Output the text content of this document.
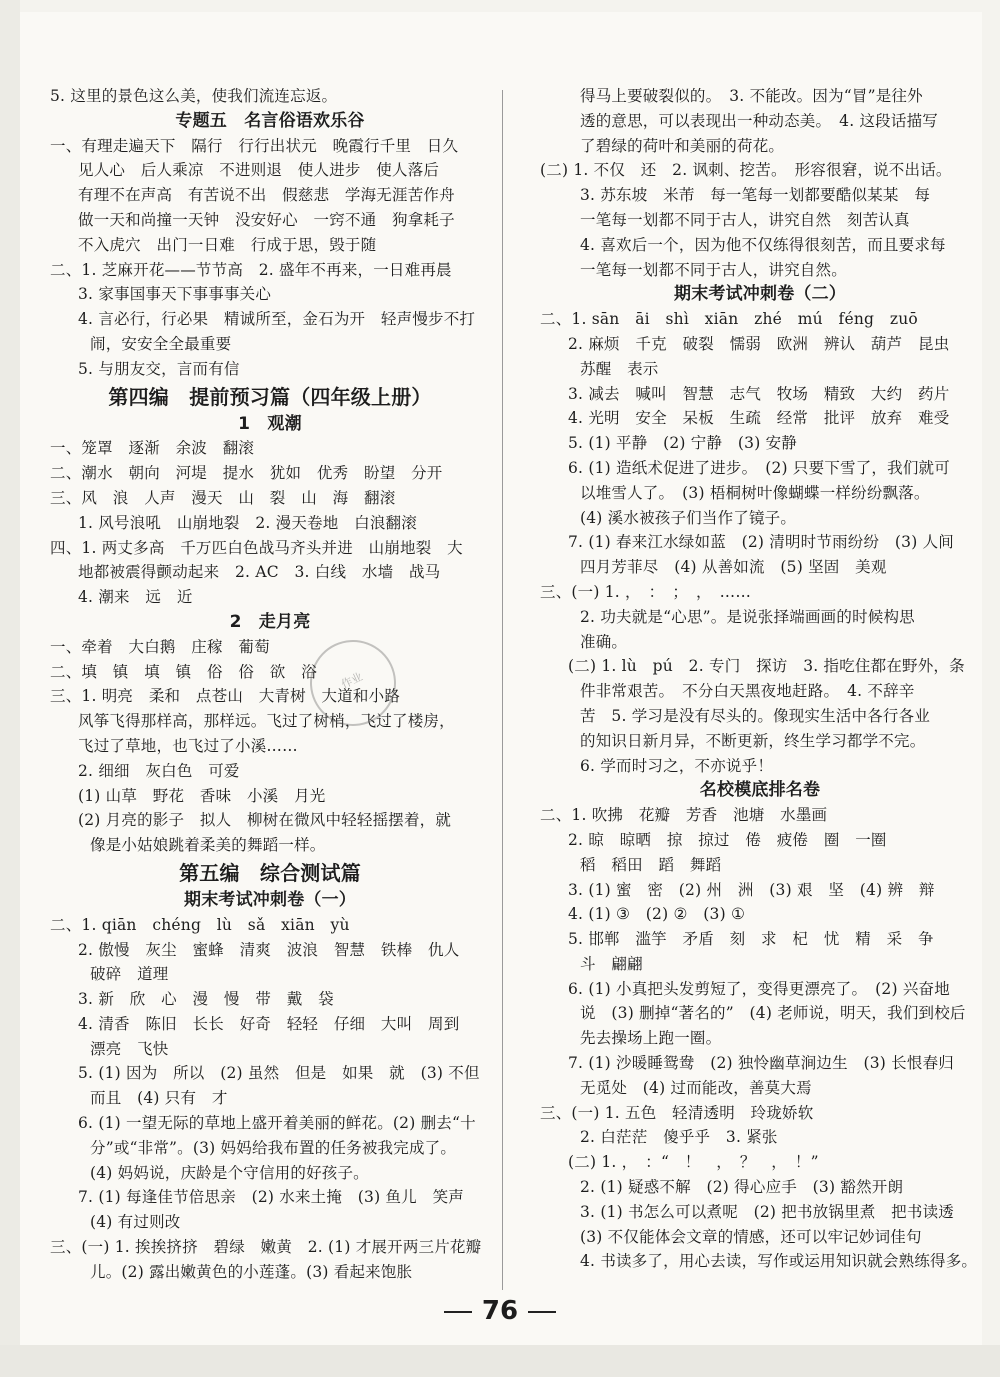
5. 这里的景色这么美，使我们流连忘返。
专题五　名言俗语欢乐谷
一、有理走遍天下　隔行　行行出状元　晚霞行千里　日久
见人心　后人乘凉　不进则退　使人进步　使人落后
有理不在声高　有苦说不出　假慈悲　学海无涯苦作舟
做一天和尚撞一天钟　没安好心　一窍不通　狗拿耗子
不入虎穴　出门一日难　行成于思，毁于随
二、1. 芝麻开花——节节高　2. 盛年不再来，一日难再晨
3. 家事国事天下事事事关心
4. 言必行，行必果　精诚所至，金石为开　轻声慢步不打
闹，安安全全最重要
5. 与朋友交，言而有信
第四编　提前预习篇（四年级上册）
1　观潮
一、笼罩　逐渐　余波　翻滚
二、潮水　朝向　河堤　提水　犹如　优秀　盼望　分开
三、风　浪　人声　漫天　山　裂　山　海　翻滚
1. 风号浪吼　山崩地裂　2. 漫天卷地　白浪翻滚
四、1. 两丈多高　千万匹白色战马齐头并进　山崩地裂　大
地都被震得颤动起来　2. AC　3. 白线　水墙　战马
4. 潮来　远　近
2　走月亮
一、牵着　大白鹅　庄稼　葡萄
二、填　镇　填　镇　俗　俗　欲　浴
三、1. 明亮　柔和　点苍山　大青树　大道和小路
风筝飞得那样高，那样远。飞过了树梢，飞过了楼房，
飞过了草地，也飞过了小溪……
2. 细细　灰白色　可爱
(1) 山草　野花　香味　小溪　月光
(2) 月亮的影子　拟人　柳树在微风中轻轻摇摆着，就
像是小姑娘跳着柔美的舞蹈一样。
第五编　综合测试篇
期末考试冲刺卷（一）
二、1. qiān　chéng　lù　sǎ　xiān　yù
2. 傲慢　灰尘　蜜蜂　清爽　波浪　智慧　铁棒　仇人
破碎　道理
3. 新　欣　心　漫　慢　带　戴　袋
4. 清香　陈旧　长长　好奇　轻轻　仔细　大叫　周到
漂亮　飞快
5. (1) 因为　所以　(2) 虽然　但是　如果　就　(3) 不但
而且　(4) 只有　才
6. (1) 一望无际的草地上盛开着美丽的鲜花。(2) 删去“十
分”或“非常”。(3) 妈妈给我布置的任务被我完成了。
(4) 妈妈说，庆龄是个守信用的好孩子。
7. (1) 每逢佳节倍思亲　(2) 水来土掩　(3) 鱼儿　笑声
(4) 有过则改
三、(一) 1. 挨挨挤挤　碧绿　嫩黄　2. (1) 才展开两三片花瓣
儿。(2) 露出嫩黄色的小莲蓬。(3) 看起来饱胀
得马上要破裂似的。　3. 不能改。因为“冒”是往外
透的意思，可以表现出一种动态美。　4. 这段话描写
了碧绿的荷叶和美丽的荷花。
(二) 1. 不仅　还　2. 讽刺、挖苦。　形容很窘，说不出话。
3. 苏东坡　米芾　每一笔每一划都要酷似某某　每
一笔每一划都不同于古人，讲究自然　刻苦认真
4. 喜欢后一个，因为他不仅练得很刻苦，而且要求每
一笔每一划都不同于古人，讲究自然。
期末考试冲刺卷（二）
二、1. sān　āi　shì　xiān　zhé　mú　féng　zuō
2. 麻烦　千克　破裂　懦弱　欧洲　辨认　葫芦　昆虫
苏醒　表示
3. 减去　喊叫　智慧　志气　牧场　精致　大约　药片
4. 光明　安全　呆板　生疏　经常　批评　放弃　难受
5. (1) 平静　(2) 宁静　(3) 安静
6. (1) 造纸术促进了进步。　(2) 只要下雪了，我们就可
以堆雪人了。　(3) 梧桐树叶像蝴蝶一样纷纷飘落。
(4) 溪水被孩子们当作了镜子。
7. (1) 春来江水绿如蓝　(2) 清明时节雨纷纷　(3) 人间
四月芳菲尽　(4) 从善如流　(5) 坚固　美观
三、(一) 1. ，　：　；　，　……
2. 功夫就是“心思”。是说张择端画画的时候构思
准确。
(二) 1. lù　pú　2. 专门　探访　3. 指吃住都在野外，条
件非常艰苦。　不分白天黑夜地赶路。　4. 不辞辛
苦　5. 学习是没有尽头的。像现实生活中各行各业
的知识日新月异，不断更新，终生学习都学不完。
6. 学而时习之，不亦说乎！
名校模底排名卷
二、1. 吹拂　花瓣　芳香　池塘　水墨画
2. 晾　晾晒　掠　掠过　倦　疲倦　圈　一圈
稻　稻田　蹈　舞蹈
3. (1) 蜜　密　(2) 州　洲　(3) 艰　坚　(4) 辨　辩
4. (1) ③　(2) ②　(3) ①
5. 邯郸　滥竽　矛盾　刻　求　杞　忧　精　采　争
斗　翩翩
6. (1) 小真把头发剪短了，变得更漂亮了。　(2) 兴奋地
说　(3) 删掉“著名的”　(4) 老师说，明天，我们到校后
先去操场上跑一圈。
7. (1) 沙暖睡鸳鸯　(2) 独怜幽草涧边生　(3) 长恨春归
无觅处　(4) 过而能改，善莫大焉
三、(一) 1. 五色　轻清透明　玲珑娇软
2. 白茫茫　傻乎乎　3. 紧张
(二) 1. ，　：“　！　，　？　，　！”
2. (1) 疑惑不解　(2) 得心应手　(3) 豁然开朗
3. (1) 书怎么可以煮呢　(2) 把书放锅里煮　把书读透
(3) 不仅能体会文章的情感，还可以牢记妙词佳句
4. 书读多了，用心去读，写作或运用知识就会熟练得多。
作业
76
